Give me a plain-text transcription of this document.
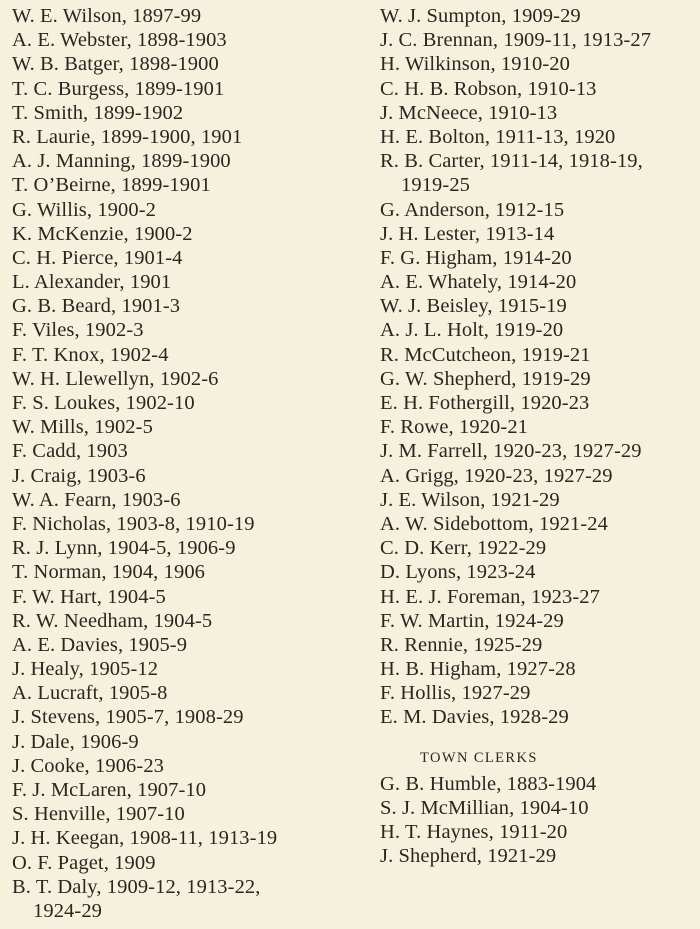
W. E. Wilson, 1897-99
A. E. Webster, 1898-1903
W. B. Batger, 1898-1900
T. C. Burgess, 1899-1901
T. Smith, 1899-1902
R. Laurie, 1899-1900, 1901
A. J. Manning, 1899-1900
T. O’Beirne, 1899-1901
G. Willis, 1900-2
K. McKenzie, 1900-2
C. H. Pierce, 1901-4
L. Alexander, 1901
G. B. Beard, 1901-3
F. Viles, 1902-3
F. T. Knox, 1902-4
W. H. Llewellyn, 1902-6
F. S. Loukes, 1902-10
W. Mills, 1902-5
F. Cadd, 1903
J. Craig, 1903-6
W. A. Fearn, 1903-6
F. Nicholas, 1903-8, 1910-19
R. J. Lynn, 1904-5, 1906-9
T. Norman, 1904, 1906
F. W. Hart, 1904-5
R. W. Needham, 1904-5
A. E. Davies, 1905-9
J. Healy, 1905-12
A. Lucraft, 1905-8
J. Stevens, 1905-7, 1908-29
J. Dale, 1906-9
J. Cooke, 1906-23
F. J. McLaren, 1907-10
S. Henville, 1907-10
J. H. Keegan, 1908-11, 1913-19
O. F. Paget, 1909
B. T. Daly, 1909-12, 1913-22,
1924-29
W. J. Sumpton, 1909-29
J. C. Brennan, 1909-11, 1913-27
H. Wilkinson, 1910-20
C. H. B. Robson, 1910-13
J. McNeece, 1910-13
H. E. Bolton, 1911-13, 1920
R. B. Carter, 1911-14, 1918-19,
1919-25
G. Anderson, 1912-15
J. H. Lester, 1913-14
F. G. Higham, 1914-20
A. E. Whately, 1914-20
W. J. Beisley, 1915-19
A. J. L. Holt, 1919-20
R. McCutcheon, 1919-21
G. W. Shepherd, 1919-29
E. H. Fothergill, 1920-23
F. Rowe, 1920-21
J. M. Farrell, 1920-23, 1927-29
A. Grigg, 1920-23, 1927-29
J. E. Wilson, 1921-29
A. W. Sidebottom, 1921-24
C. D. Kerr, 1922-29
D. Lyons, 1923-24
H. E. J. Foreman, 1923-27
F. W. Martin, 1924-29
R. Rennie, 1925-29
H. B. Higham, 1927-28
F. Hollis, 1927-29
E. M. Davies, 1928-29
TOWN CLERKS
G. B. Humble, 1883-1904
S. J. McMillian, 1904-10
H. T. Haynes, 1911-20
J. Shepherd, 1921-29
